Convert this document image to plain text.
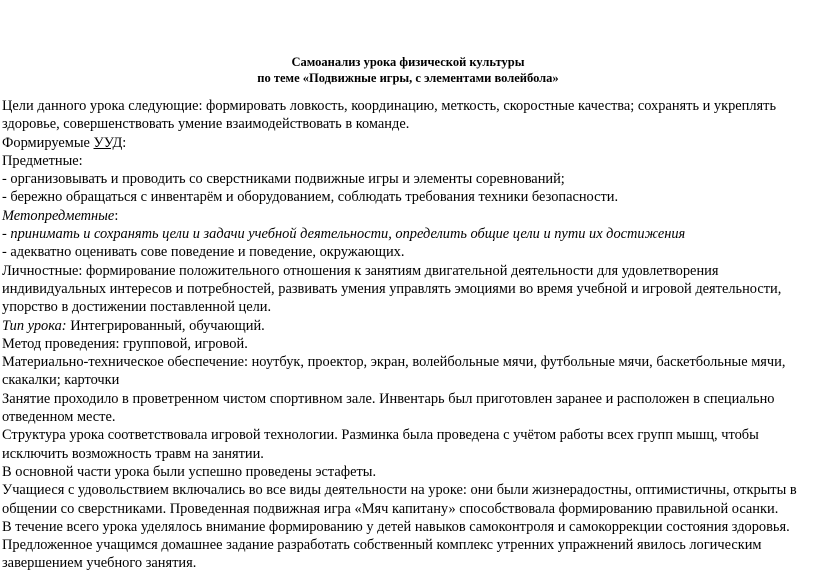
Самоанализ урока физической культуры
по теме «Подвижные игры, с элементами волейбола»

Цели данного урока следующие: формировать ловкость, координацию, меткость, скоростные качества; сохранять и укреплять здоровье, совершенствовать умение взаимодействовать в команде.

Формируемые УУД:

Предметные:

- организовывать и проводить со сверстниками подвижные игры и элементы соревнований;

- бережно обращаться с инвентарём и оборудованием, соблюдать требования техники безопасности.

Метопредметные:

- принимать и сохранять цели и задачи учебной деятельности, определить общие цели и пути их достижения

- адекватно оценивать сове поведение и поведение, окружающих.

Личностные: формирование положительного отношения к занятиям двигательной деятельности для удовлетворения индивидуальных интересов и потребностей, развивать умения управлять эмоциями во время учебной и игровой деятельности, упорство в достижении поставленной цели.

Тип урока: Интегрированный, обучающий.

Метод проведения: групповой, игровой.

Материально-техническое обеспечение: ноутбук, проектор, экран, волейбольные мячи, футбольные мячи, баскетбольные мячи, скакалки; карточки

Занятие проходило в проветренном чистом спортивном зале. Инвентарь был приготовлен заранее и расположен в специально отведенном месте.

Структура урока соответствовала игровой технологии. Разминка была проведена с учётом работы всех групп мышц, чтобы исключить возможность травм на занятии.

В основной части урока были успешно проведены эстафеты.

Учащиеся с удовольствием включались во все виды деятельности на уроке: они были жизнерадостны, оптимистичны, открыты в общении со сверстниками. Проведенная подвижная игра «Мяч капитану» способствовала формированию правильной осанки.

В течение всего урока уделялось внимание формированию у детей навыков самоконтроля и самокоррекции состояния здоровья. Предложенное учащимся домашнее задание разработать собственный комплекс утренних упражнений явилось логическим завершением учебного занятия.
